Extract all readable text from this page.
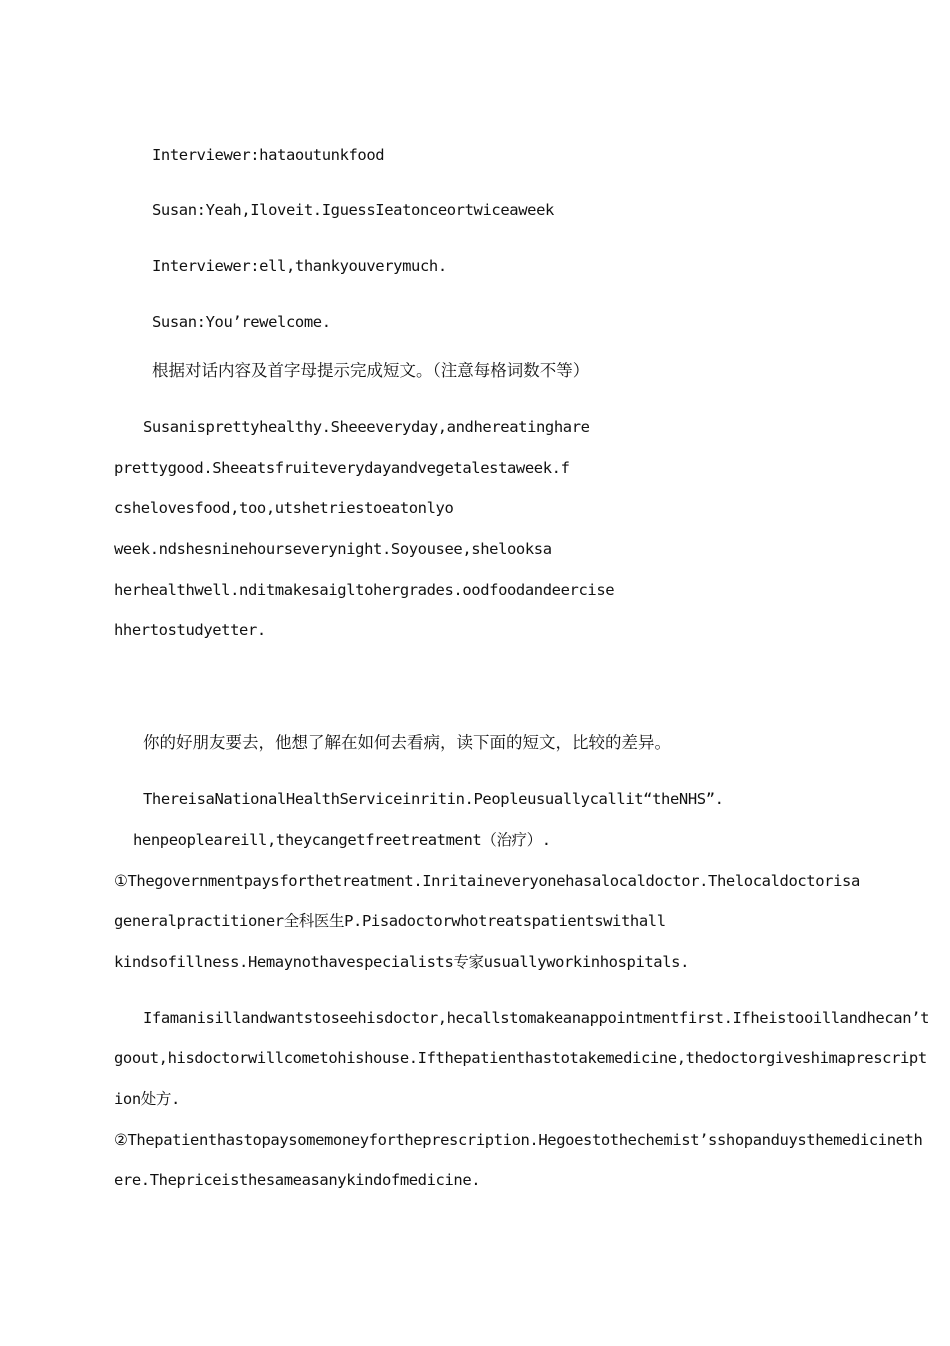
Interviewer:hataoutunkfood
Susan:Yeah,Iloveit.IguessIeatonceortwiceaweek
Interviewer:ell,thankyouverymuch.
Susan:You’rewelcome.
根据对话内容及首字母提示完成短文。（注意每格词数不等）
Susanisprettyhealthy.Sheeeveryday,andhereatinghare
prettygood.Sheeatsfruiteverydayandvegetalestaweek.f
cshelovesfood,too,utshetriestoeatonlyo
week.ndshesninehourseverynight.Soyousee,shelooksa
herhealthwell.nditmakesaigltohergrades.oodfoodandeercise
hhertostudyetter.
你的好朋友要去，他想了解在如何去看病，读下面的短文，比较的差异。
ThereisaNationalHealthServiceinritin.Peopleusuallycallit“theNHS”.
henpeopleareill,theycangetfreetreatment（治疗）.
①Thegovernmentpaysforthetreatment.Inritaineveryonehasalocaldoctor.Thelocaldoctorisa
generalpractitioner全科医生P.Pisadoctorwhotreatspatientswithall
kindsofillness.Hemaynothavespecialists专家usuallyworkinhospitals.
Ifamanisillandwantstoseehisdoctor,hecallstomakeanappointmentfirst.Ifheistooillandhecan’t
goout,hisdoctorwillcometohishouse.Ifthepatienthastotakemedicine,thedoctorgiveshimaprescript
ion处方.
②Thepatienthastopaysomemoneyfortheprescription.Hegoestothechemist’sshopanduysthemedicineth
ere.Thepriceisthesameasanykindofmedicine.
